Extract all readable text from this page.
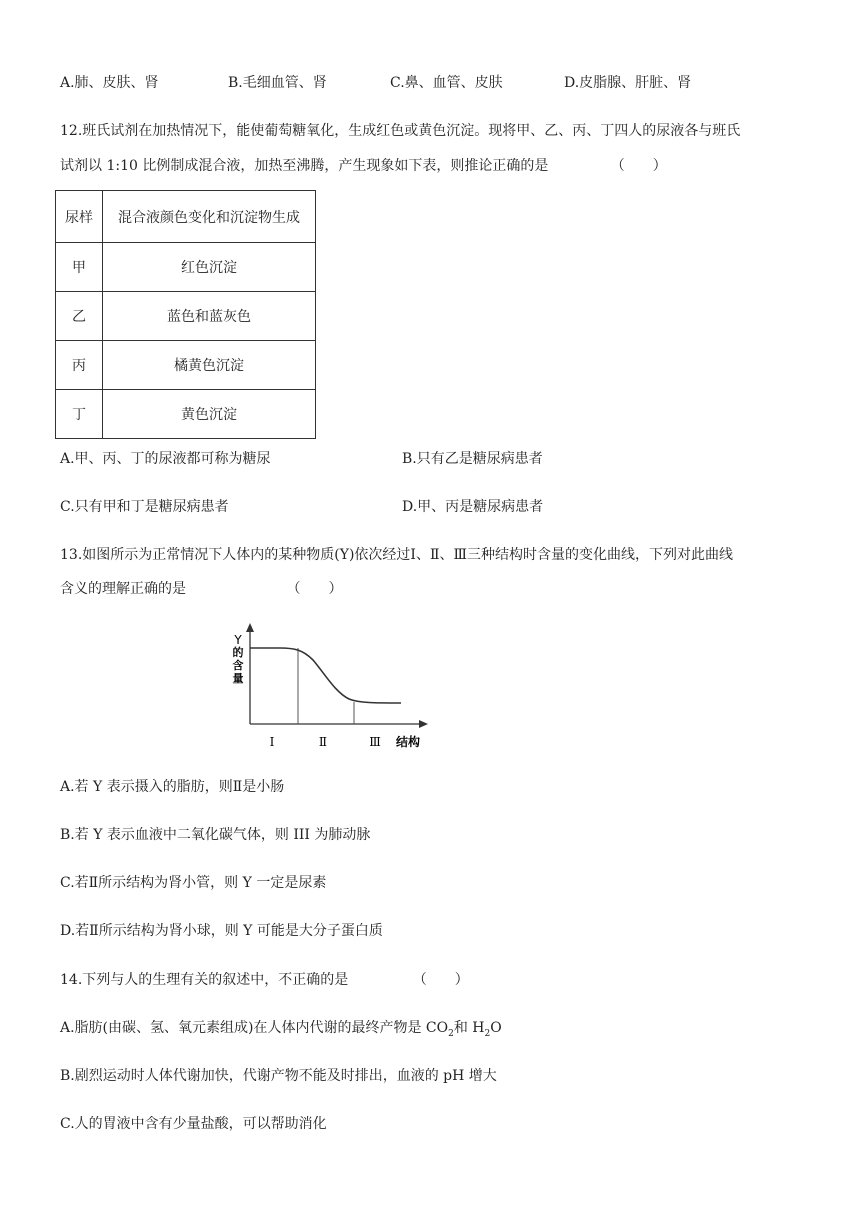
A.肺、皮肤、肾	B.毛细血管、肾	C.鼻、血管、皮肤	D.皮脂腺、肝脏、肾
12.班氏试剂在加热情况下，能使葡萄糖氧化，生成红色或黄色沉淀。现将甲、乙、丙、丁四人的尿液各与班氏
试剂以 1:10 比例制成混合液，加热至沸腾，产生现象如下表，则推论正确的是	（　　）
尿样	混合液颜色变化和沉淀物生成
甲	红色沉淀
乙	蓝色和蓝灰色
丙	橘黄色沉淀
丁	黄色沉淀
A.甲、丙、丁的尿液都可称为糖尿	B.只有乙是糖尿病患者
C.只有甲和丁是糖尿病患者	D.甲、丙是糖尿病患者
13.如图所示为正常情况下人体内的某种物质(Y)依次经过Ⅰ、Ⅱ、Ⅲ三种结构时含量的变化曲线，下列对此曲线
含义的理解正确的是	（　　）
Y
的
含
量
Ⅰ	Ⅱ	Ⅲ 结构
A.若 Y 表示摄入的脂肪，则Ⅱ是小肠
B.若 Y 表示血液中二氧化碳气体，则 III 为肺动脉
C.若Ⅱ所示结构为肾小管，则 Y 一定是尿素
D.若Ⅱ所示结构为肾小球，则 Y 可能是大分子蛋白质
14.下列与人的生理有关的叙述中，不正确的是	（　　）
A.脂肪(由碳、氢、氧元素组成)在人体内代谢的最终产物是 $CO_2$和 $H_2O$
B.剧烈运动时人体代谢加快，代谢产物不能及时排出，血液的 pH 增大
C.人的胃液中含有少量盐酸，可以帮助消化
